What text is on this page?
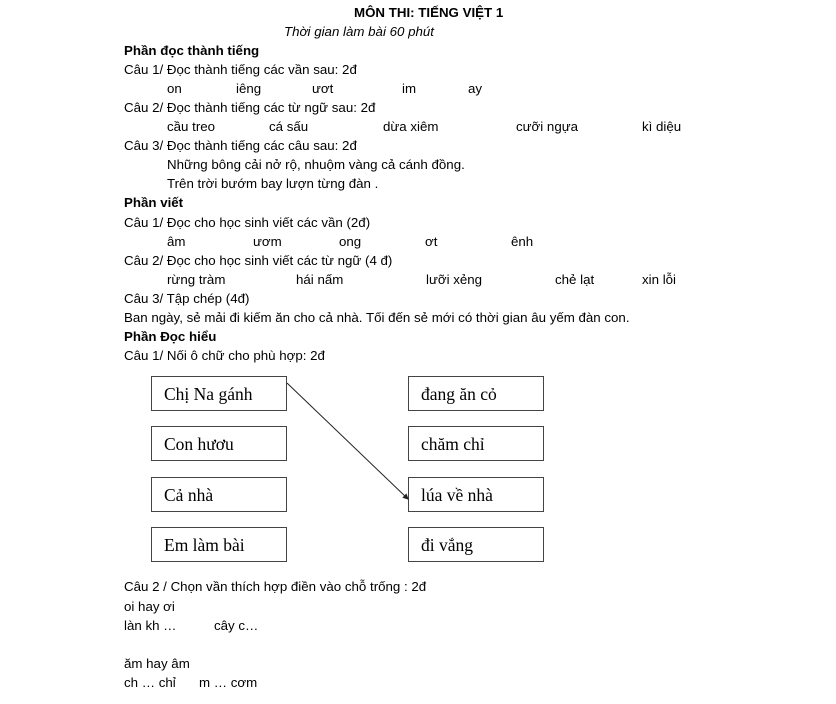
MÔN THI: TIẾNG VIỆT 1
Thời gian làm bài 60 phút
Phần đọc thành tiếng
Câu 1/ Đọc thành tiếng các vần sau: 2đ
on	iêng	ươt	im	ay
Câu 2/ Đọc thành tiếng các từ ngữ sau: 2đ
cầu treo	cá sấu	dừa xiêm	cưỡi ngựa	kì diệu
Câu 3/ Đọc thành tiếng các câu sau: 2đ
Những bông cải nở rộ, nhuộm vàng cả cánh đồng.
Trên trời bướm bay lượn từng đàn .
Phần viết
Câu 1/ Đọc cho học sinh viết các vần (2đ)
âm	ươm	ong	ơt	ênh
Câu 2/ Đọc cho học sinh viết các từ ngữ (4 đ)
rừng tràm	hái nấm	lưỡi xẻng	chẻ lạt	xin lỗi
Câu 3/ Tập chép (4đ)
Ban ngày, sẻ mải đi kiếm ăn cho cả nhà. Tối đến sẻ mới có thời gian âu yếm đàn con.
Phần Đọc hiểu
Câu 1/ Nối ô chữ cho phù hợp: 2đ
Chị Na gánh
Con hươu
Cả nhà
Em làm bài
đang ăn cỏ
chăm chỉ
lúa về nhà
đi vắng
Câu 2 / Chọn vần thích hợp điền vào chỗ trống : 2đ
oi hay ơi
làn kh …	cây c…
ăm hay âm
ch … chỉ m … cơm
